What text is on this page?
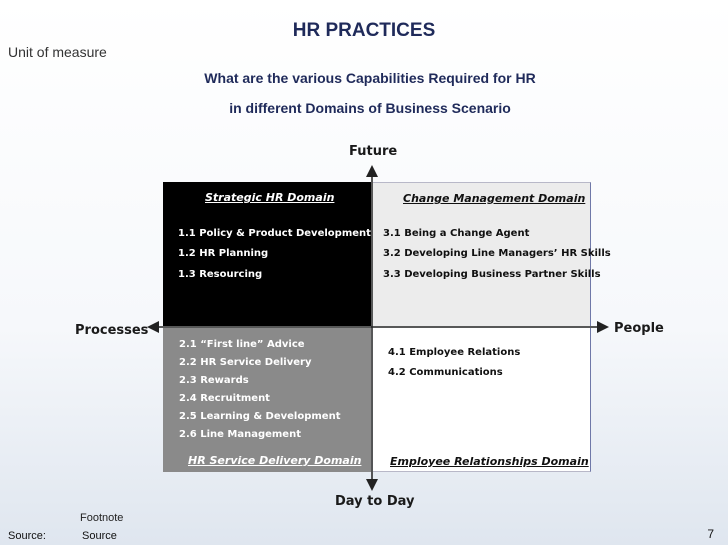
HR PRACTICES
Unit of measure
What are the various Capabilities Required for HR
in different Domains of Business Scenario
Future
Day to Day
Processes	People
Strategic HR Domain
1.1 Policy & Product Development
1.2 HR Planning
1.3 Resourcing
Change Management Domain
3.1 Being a Change Agent
3.2 Developing Line Managers’ HR Skills
3.3 Developing Business Partner Skills
2.1 “First line” Advice
2.2 HR Service Delivery
2.3 Rewards
2.4 Recruitment
2.5 Learning & Development
2.6 Line Management
HR Service Delivery Domain
4.1 Employee Relations
4.2 Communications
Employee Relationships Domain
Footnote
Source:	Source	7
